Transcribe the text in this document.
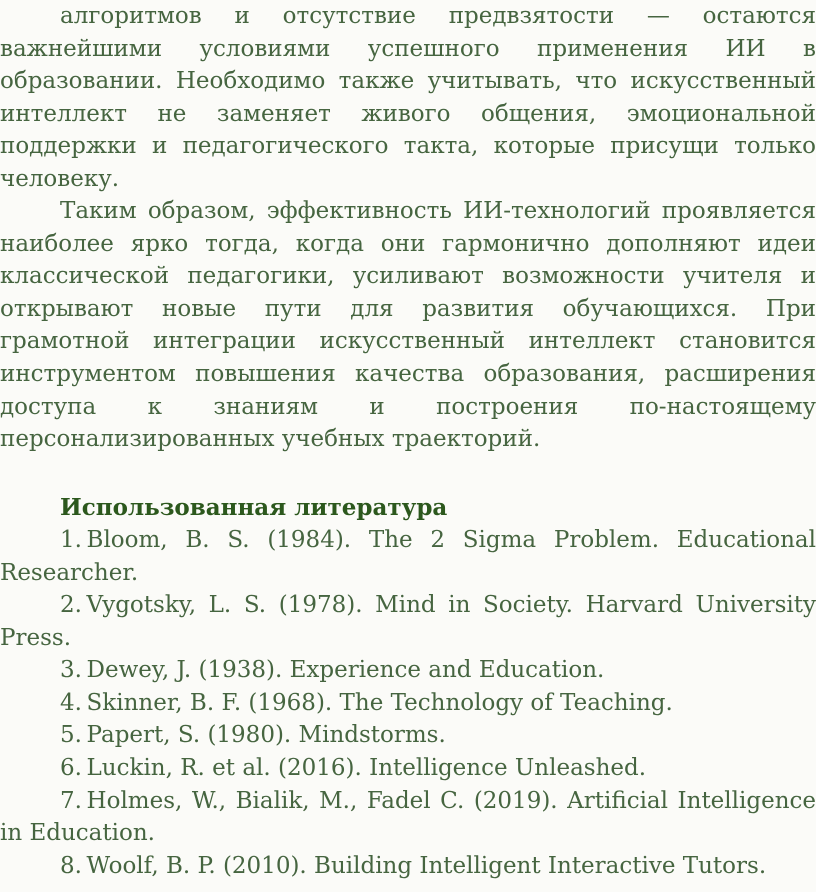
алгоритмов и отсутствие предвзятости — остаются
важнейшими условиями успешного применения ИИ в
образовании. Необходимо также учитывать, что искусственный
интеллект не заменяет живого общения, эмоциональной
поддержки и педагогического такта, которые присущи только
человеку.
Таким образом, эффективность ИИ-технологий проявляется
наиболее ярко тогда, когда они гармонично дополняют идеи
классической педагогики, усиливают возможности учителя и
открывают новые пути для развития обучающихся. При
грамотной интеграции искусственный интеллект становится
инструментом повышения качества образования, расширения
доступа к знаниям и построения по-настоящему
персонализированных учебных траекторий.
Использованная литература
1. Bloom, B. S. (1984). The 2 Sigma Problem. Educational
Researcher.
2. Vygotsky, L. S. (1978). Mind in Society. Harvard University
Press.
3. Dewey, J. (1938). Experience and Education.
4. Skinner, B. F. (1968). The Technology of Teaching.
5. Papert, S. (1980). Mindstorms.
6. Luckin, R. et al. (2016). Intelligence Unleashed.
7. Holmes, W., Bialik, M., Fadel C. (2019). Artificial Intelligence
in Education.
8. Woolf, B. P. (2010). Building Intelligent Interactive Tutors.
